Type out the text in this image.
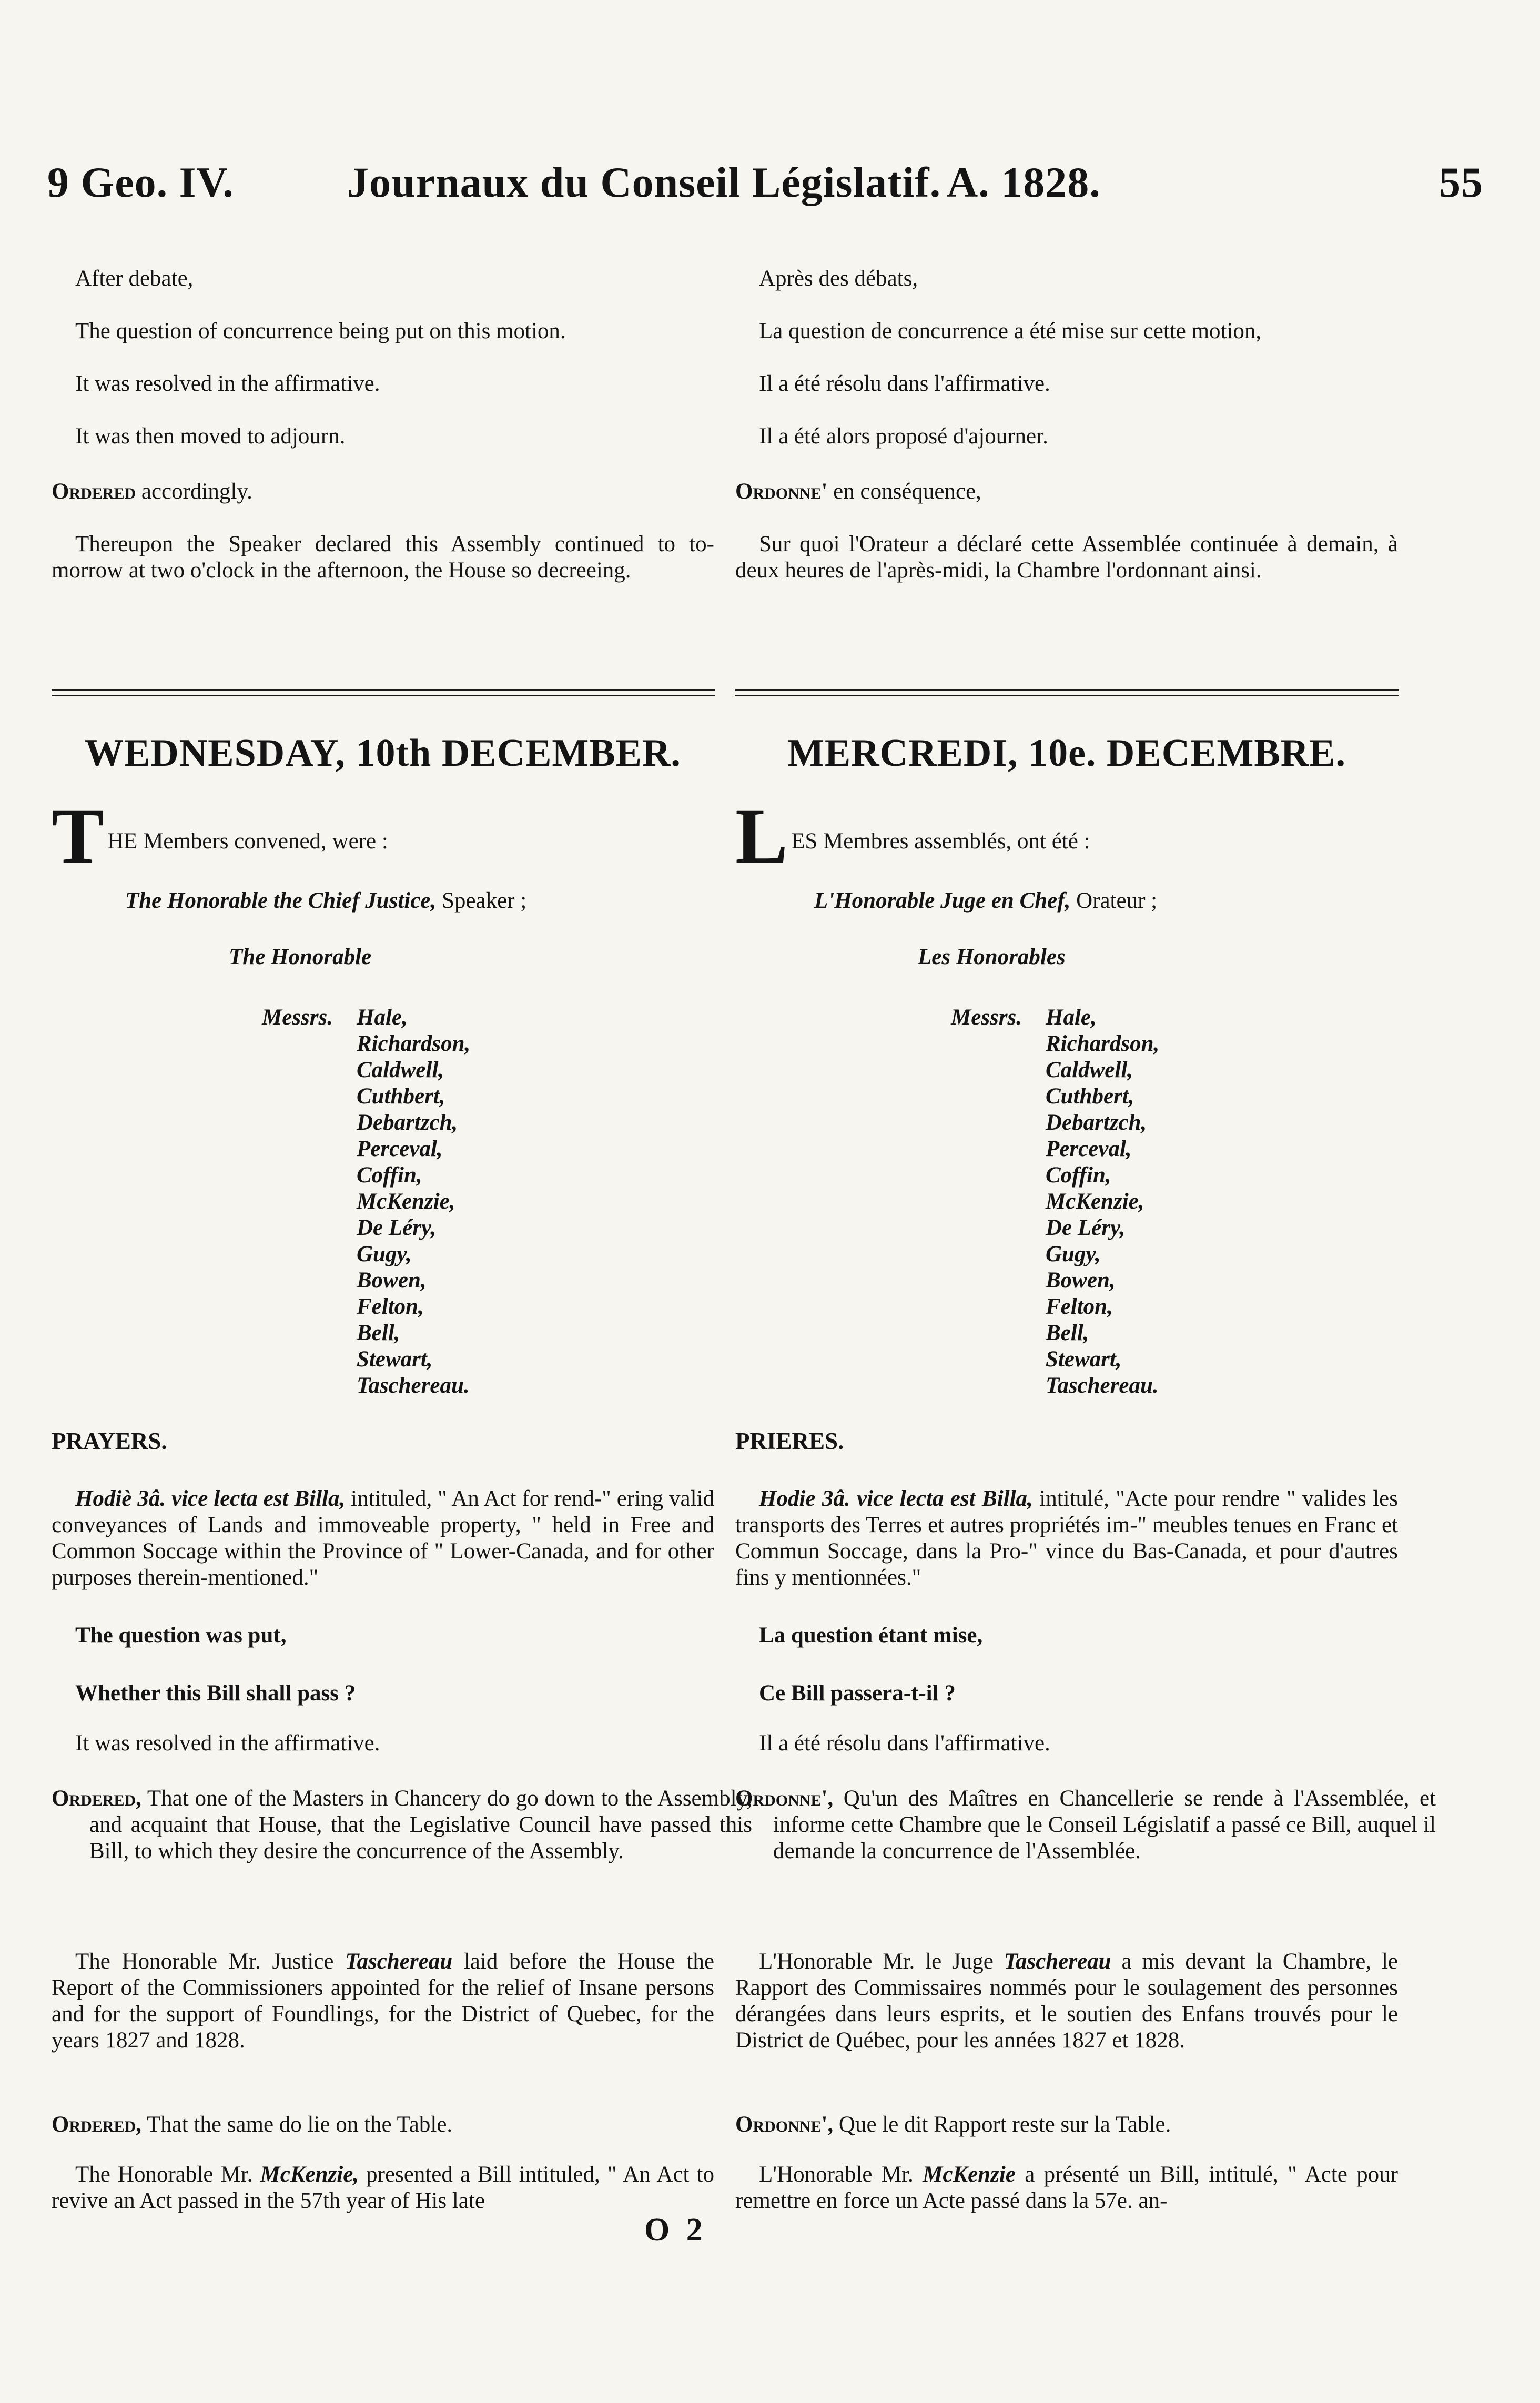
9 Geo. IV.	Journaux du Conseil Législatif. A. 1828.	55

After debate,

The question of concurrence being put on this motion.

It was resolved in the affirmative.

It was then moved to adjourn.

Ordered accordingly.

Thereupon the Speaker declared this Assembly continued to to-morrow at two o'clock in the afternoon, the House so decreeing.

WEDNESDAY, 10th DECEMBER.

T HE Members convened, were :

The Honorable the Chief Justice, Speaker ;

The Honorable

Messrs. Hale,
Richardson,
Caldwell,
Cuthbert,
Debartzch,
Perceval,
Coffin,
McKenzie,
De Léry,
Gugy,
Bowen,
Felton,
Bell,
Stewart,
Taschereau.

PRAYERS.

Hodiè 3â. vice lecta est Billa, intituled, " An Act for rend-" ering valid conveyances of Lands and immoveable property, " held in Free and Common Soccage within the Province of " Lower-Canada, and for other purposes therein-mentioned."

The question was put,

Whether this Bill shall pass ?

It was resolved in the affirmative.

Ordered, That one of the Masters in Chancery do go down to the Assembly, and acquaint that House, that the Legislative Council have passed this Bill, to which they desire the concurrence of the Assembly.

The Honorable Mr. Justice Taschereau laid before the House the Report of the Commissioners appointed for the relief of Insane persons and for the support of Foundlings, for the District of Quebec, for the years 1827 and 1828.

Ordered, That the same do lie on the Table.

The Honorable Mr. McKenzie, presented a Bill intituled, " An Act to revive an Act passed in the 57th year of His late

Après des débats,

La question de concurrence a été mise sur cette motion,

Il a été résolu dans l'affirmative.

Il a été alors proposé d'ajourner.

Ordonne' en conséquence,

Sur quoi l'Orateur a déclaré cette Assemblée continuée à demain, à deux heures de l'après-midi, la Chambre l'ordonnant ainsi.

MERCREDI, 10e. DECEMBRE.

L ES Membres assemblés, ont été :

L'Honorable Juge en Chef, Orateur ;

Les Honorables

Messrs. Hale,
Richardson,
Caldwell,
Cuthbert,
Debartzch,
Perceval,
Coffin,
McKenzie,
De Léry,
Gugy,
Bowen,
Felton,
Bell,
Stewart,
Taschereau.

PRIERES.

Hodie 3â. vice lecta est Billa, intitulé, "Acte pour rendre " valides les transports des Terres et autres propriétés im-" meubles tenues en Franc et Commun Soccage, dans la Pro-" vince du Bas-Canada, et pour d'autres fins y mentionnées."

La question étant mise,

Ce Bill passera-t-il ?

Il a été résolu dans l'affirmative.

Ordonne', Qu'un des Maîtres en Chancellerie se rende à l'Assemblée, et informe cette Chambre que le Conseil Législatif a passé ce Bill, auquel il demande la concurrence de l'Assemblée.

L'Honorable Mr. le Juge Taschereau a mis devant la Chambre, le Rapport des Commissaires nommés pour le soulagement des personnes dérangées dans leurs esprits, et le soutien des Enfans trouvés pour le District de Québec, pour les années 1827 et 1828.

Ordonne', Que le dit Rapport reste sur la Table.

L'Honorable Mr. McKenzie a présenté un Bill, intitulé, " Acte pour remettre en force un Acte passé dans la 57e. an-

O 2
